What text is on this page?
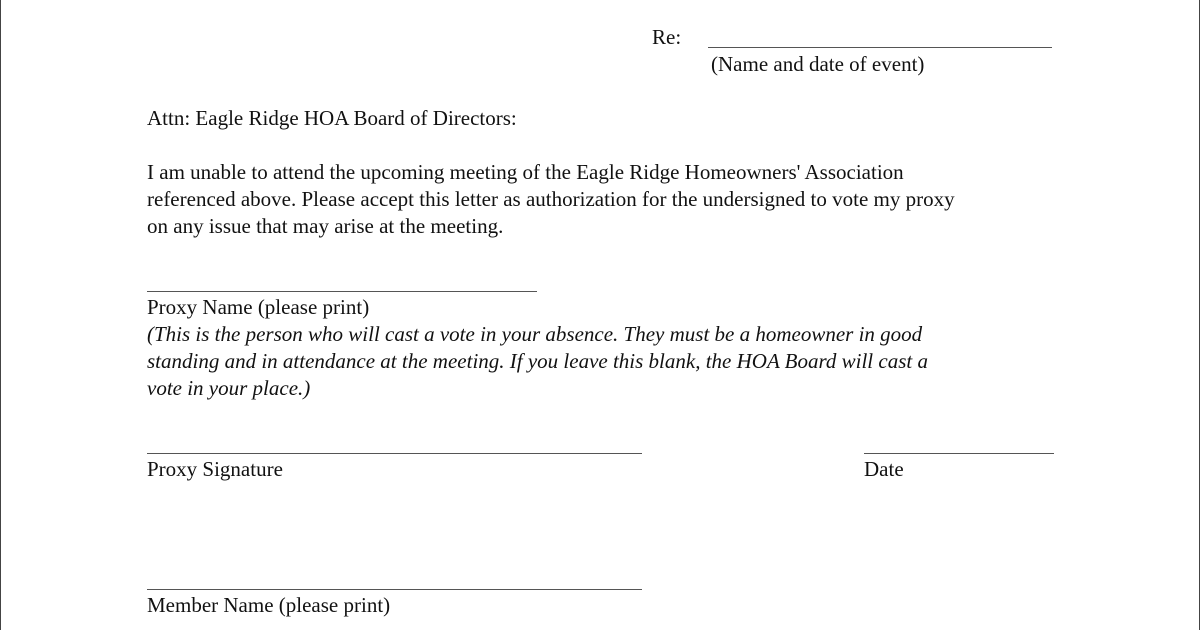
Re:
(Name and date of event)
Attn: Eagle Ridge HOA Board of Directors:
I am unable to attend the upcoming meeting of the Eagle Ridge Homeowners' Association
referenced above. Please accept this letter as authorization for the undersigned to vote my proxy
on any issue that may arise at the meeting.
Proxy Name (please print)
(This is the person who will cast a vote in your absence. They must be a homeowner in good
standing and in attendance at the meeting. If you leave this blank, the HOA Board will cast a
vote in your place.)
Proxy Signature	Date
Member Name (please print)
